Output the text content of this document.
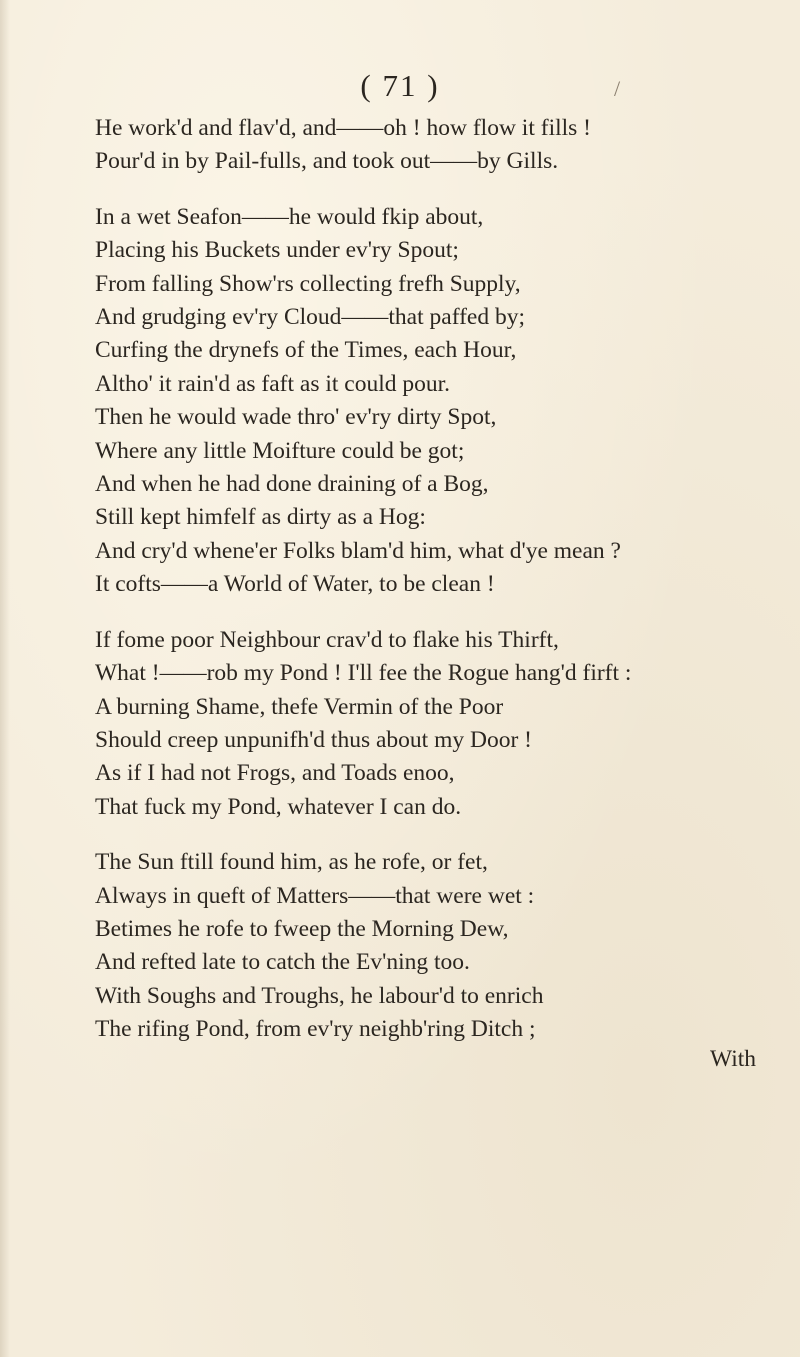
( 71 )	/
He work'd and flav'd, and——oh ! how flow it fills !
Pour'd in by Pail-fulls, and took out——by Gills.
In a wet Seafon——he would fkip about,
Placing his Buckets under ev'ry Spout;
From falling Show'rs collecting frefh Supply,
And grudging ev'ry Cloud——that paffed by;
Curfing the drynefs of the Times, each Hour,
Altho' it rain'd as faft as it could pour.
Then he would wade thro' ev'ry dirty Spot,
Where any little Moifture could be got;
And when he had done draining of a Bog,
Still kept himfelf as dirty as a Hog:
And cry'd whene'er Folks blam'd him, what d'ye mean ?
It cofts——a World of Water, to be clean !
If fome poor Neighbour crav'd to flake his Thirft,
What !——rob my Pond ! I'll fee the Rogue hang'd firft :
A burning Shame, thefe Vermin of the Poor
Should creep unpunifh'd thus about my Door !
As if I had not Frogs, and Toads enoo,
That fuck my Pond, whatever I can do.
The Sun ftill found him, as he rofe, or fet,
Always in queft of Matters——that were wet :
Betimes he rofe to fweep the Morning Dew,
And refted late to catch the Ev'ning too.
With Soughs and Troughs, he labour'd to enrich
The rifing Pond, from ev'ry neighb'ring Ditch ;
With
